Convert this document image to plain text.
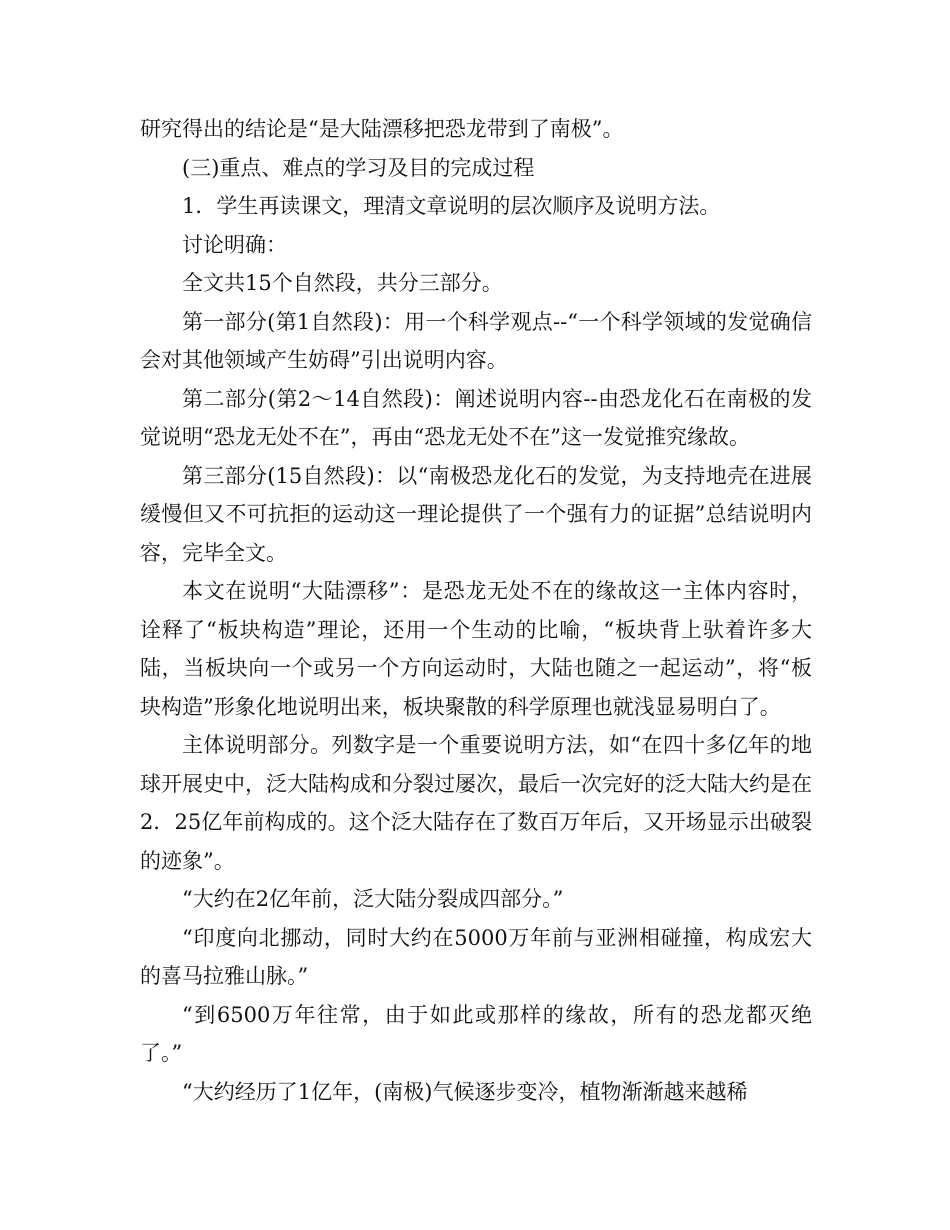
研究得出的结论是“是大陆漂移把恐龙带到了南极”。

(三)重点、难点的学习及目的完成过程

1．学生再读课文，理清文章说明的层次顺序及说明方法。

讨论明确：

全文共15个自然段，共分三部分。

第一部分(第1自然段)：用一个科学观点--“一个科学领域的发觉确信会对其他领域产生妨碍”引出说明内容。

第二部分(第2～14自然段)：阐述说明内容--由恐龙化石在南极的发觉说明“恐龙无处不在”，再由“恐龙无处不在”这一发觉推究缘故。

第三部分(15自然段)：以“南极恐龙化石的发觉，为支持地壳在进展缓慢但又不可抗拒的运动这一理论提供了一个强有力的证据”总结说明内容，完毕全文。

本文在说明“大陆漂移”：是恐龙无处不在的缘故这一主体内容时，诠释了“板块构造”理论，还用一个生动的比喻，“板块背上驮着许多大陆，当板块向一个或另一个方向运动时，大陆也随之一起运动”，将“板块构造”形象化地说明出来，板块聚散的科学原理也就浅显易明白了。

主体说明部分。列数字是一个重要说明方法，如“在四十多亿年的地球开展史中，泛大陆构成和分裂过屡次，最后一次完好的泛大陆大约是在2．25亿年前构成的。这个泛大陆存在了数百万年后，又开场显示出破裂的迹象”。

“大约在2亿年前，泛大陆分裂成四部分。”

“印度向北挪动，同时大约在5000万年前与亚洲相碰撞，构成宏大的喜马拉雅山脉。”

“到6500万年往常，由于如此或那样的缘故，所有的恐龙都灭绝了。”

“大约经历了1亿年，(南极)气候逐步变冷，植物渐渐越来越稀
